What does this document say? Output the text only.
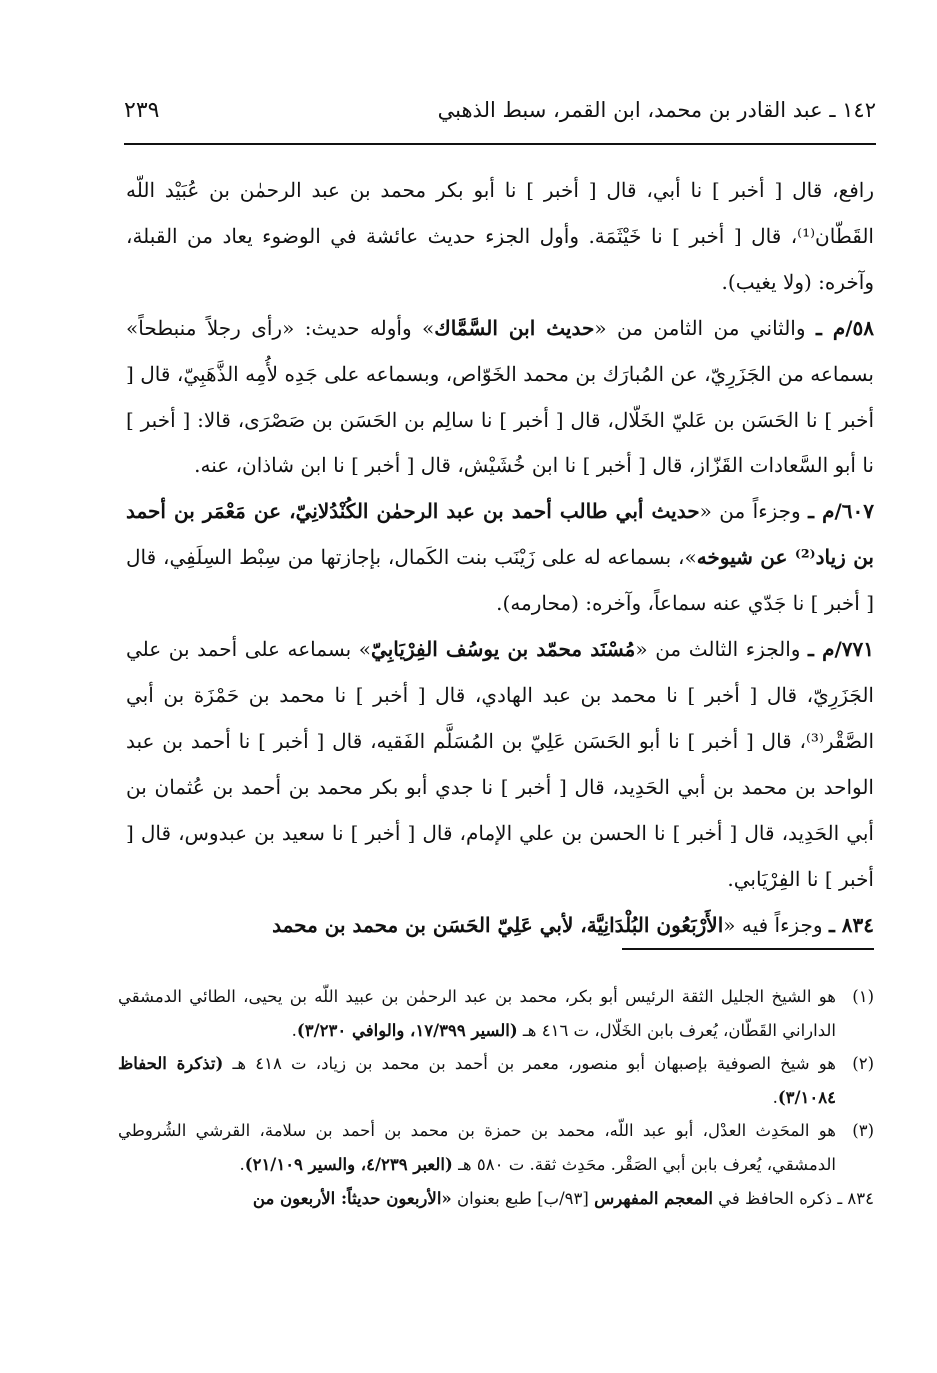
١٤٢ ـ عبد القادر بن محمد، ابن القمر، سبط الذهبي
٢٣٩

رافع، قال [ أخبر ] نا أبي، قال [ أخبر ] نا أبو بكر محمد بن عبد الرحمٰن بن عُبَيْد اللّه القَطّان⁽¹⁾، قال [ أخبر ] نا خَيْثَمَة. وأول الجزء حديث عائشة في الوضوء يعاد من القبلة، وآخره: (ولا يغيب).

٥٨/م ـ والثاني من الثامن من «حديث ابن السَّمَّاك» وأوله حديث: «رأى رجلاً منبطحاً» بسماعه من الجَزَرِيّ، عن المُبارَك بن محمد الخَوّاص، وبسماعه على جَدِه لأُمِه الذَّهَبِيّ، قال [ أخبر ] نا الحَسَن بن عَليّ الخَلّال، قال [ أخبر ] نا سالِم بن الحَسَن بن صَصْرَى، قالا: [ أخبر ] نا أبو السَّعادات القَزّاز، قال [ أخبر ] نا ابن خُشَيْش، قال [ أخبر ] نا ابن شاذان، عنه.

٦٠٧/م ـ وجزءاً من «حديث أبي طالب أحمد بن عبد الرحمٰن الكُنْدُلانِيّ، عن مَعْمَر بن أحمد بن زياد⁽²⁾ عن شيوخه»، بسماعه له على زَيْنَب بنت الكَمال، بإجازتها من سِبْط السِلَفِي، قال [ أخبر ] نا جَدّي عنه سماعاً، وآخره: (محارمه).

٧٧١/م ـ والجزء الثالث من «مُسْنَد محمّد بن يوسُف الفِرْيَابِيّ» بسماعه على أحمد بن علي الجَزَرِيّ، قال [ أخبر ] نا محمد بن عبد الهادي، قال [ أخبر ] نا محمد بن حَمْزَة بن أبي الصَّقْر⁽³⁾، قال [ أخبر ] نا أبو الحَسَن عَلِيّ بن المُسَلَّم الفَقيه، قال [ أخبر ] نا أحمد بن عبد الواحد بن محمد بن أبي الحَدِيد، قال [ أخبر ] نا جدي أبو بكر محمد بن أحمد بن عُثمان بن أبي الحَدِيد، قال [ أخبر ] نا الحسن بن علي الإمام، قال [ أخبر ] نا سعيد بن عبدوس، قال [ أخبر ] نا الفِرْيَابي.

٨٣٤ ـ وجزءاً فيه «الأَرْبَعُون البُلْدَانِيَّة، لأبي عَلِيّ الحَسَن بن محمد بن محمد

(١)
هو الشيخ الجليل الثقة الرئيس أبو بكر، محمد بن عبد الرحمٰن بن عبيد اللّه بن يحيى، الطائي الدمشقي الداراني القَطّان، يُعرف بابن الخَلّال، ت ٤١٦ هـ (السير ١٧/٣٩٩، والوافي ٣/٢٣٠).
(٢)
هو شيخ الصوفية بإصبهان أبو منصور، معمر بن أحمد بن محمد بن زياد، ت ٤١٨ هـ (تذكرة الحفاظ ٣/١٠٨٤).
(٣)
هو المحَدِث العدْل، أبو عبد اللّه، محمد بن حمزة بن محمد بن أحمد بن سلامة، القرشي الشُروطي الدمشقي، يُعرف بابن أبي الصَقْر. محَدِث ثقة. ت ٥٨٠ هـ (العبر ٤/٢٣٩، والسير ٢١/١٠٩).

٨٣٤ ـ ذكره الحافظ في المعجم المفهرس [٩٣/ب] طبع بعنوان «الأربعون حديثاً: الأربعون من
